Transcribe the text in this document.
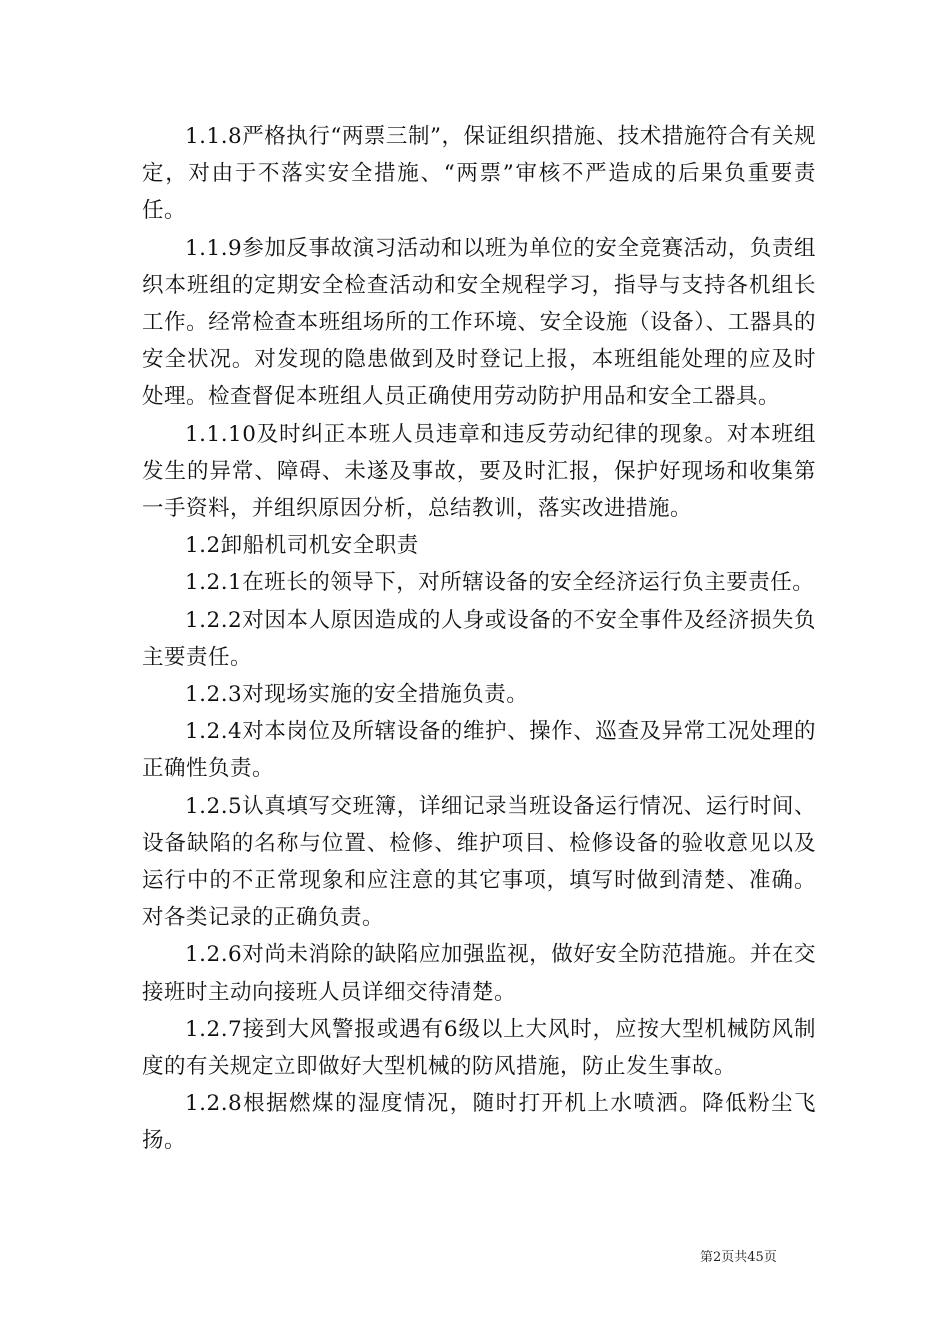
1.1.8严格执行“两票三制”，保证组织措施、技术措施符合有关规定，对由于不落实安全措施、“两票”审核不严造成的后果负重要责任。

1.1.9参加反事故演习活动和以班为单位的安全竞赛活动，负责组织本班组的定期安全检查活动和安全规程学习，指导与支持各机组长工作。经常检查本班组场所的工作环境、安全设施（设备）、工器具的安全状况。对发现的隐患做到及时登记上报，本班组能处理的应及时处理。检查督促本班组人员正确使用劳动防护用品和安全工器具。

1.1.10及时纠正本班人员违章和违反劳动纪律的现象。对本班组发生的异常、障碍、未遂及事故，要及时汇报，保护好现场和收集第一手资料，并组织原因分析，总结教训，落实改进措施。

1.2卸船机司机安全职责

1.2.1在班长的领导下，对所辖设备的安全经济运行负主要责任。

1.2.2对因本人原因造成的人身或设备的不安全事件及经济损失负主要责任。

1.2.3对现场实施的安全措施负责。

1.2.4对本岗位及所辖设备的维护、操作、巡查及异常工况处理的正确性负责。

1.2.5认真填写交班簿，详细记录当班设备运行情况、运行时间、设备缺陷的名称与位置、检修、维护项目、检修设备的验收意见以及运行中的不正常现象和应注意的其它事项，填写时做到清楚、准确。对各类记录的正确负责。

1.2.6对尚未消除的缺陷应加强监视，做好安全防范措施。并在交接班时主动向接班人员详细交待清楚。

1.2.7接到大风警报或遇有6级以上大风时，应按大型机械防风制度的有关规定立即做好大型机械的防风措施，防止发生事故。

1.2.8根据燃煤的湿度情况，随时打开机上水喷洒。降低粉尘飞扬。

第2页共45页
